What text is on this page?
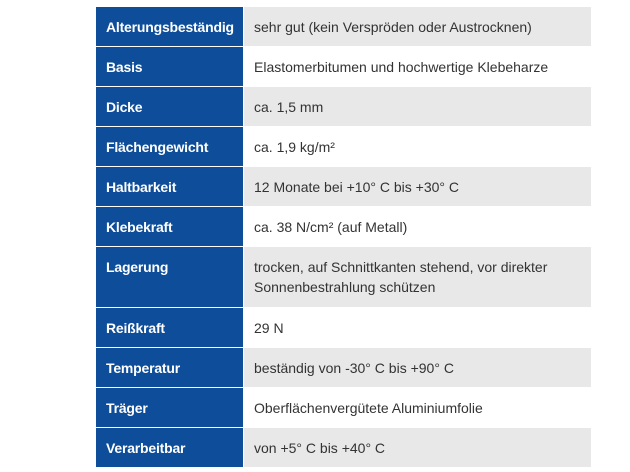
Alterungsbeständig	sehr gut (kein Verspröden oder Austrocknen)
Basis	Elastomerbitumen und hochwertige Klebeharze
Dicke	ca. 1,5 mm
Flächengewicht	ca. 1,9 kg/m²
Haltbarkeit	12 Monate bei +10° C bis +30° C
Klebekraft	ca. 38 N/cm² (auf Metall)
Lagerung	trocken, auf Schnittkanten stehend, vor direkter Sonnenbestrahlung schützen
Reißkraft	29 N
Temperatur	beständig von -30° C bis +90° C
Träger	Oberflächenvergütete Aluminiumfolie
Verarbeitbar	von +5° C bis +40° C
